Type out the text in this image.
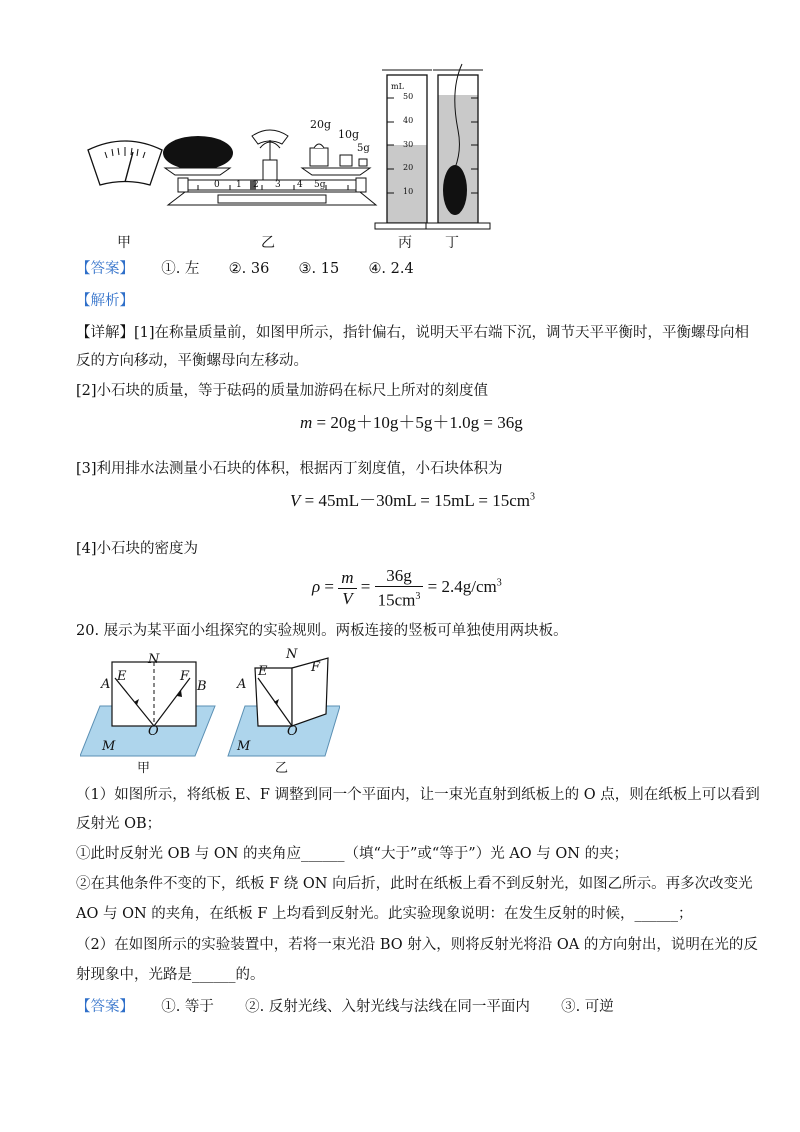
20g
10g
5g
0 1 2 3 4 5g
mL
50
40
30
20
10
甲	乙	丙 丁
【答案】 ①. 左 ②. 36 ③. 15 ④. 2.4
【解析】
【详解】[1]在称量质量前，如图甲所示，指针偏右，说明天平右端下沉，调节天平平衡时，平衡螺母向相
反的方向移动，平衡螺母向左移动。
[2]小石块的质量，等于砝码的质量加游码在标尺上所对的刻度值
m = 20g＋10g＋5g＋1.0g = 36g
[3]利用排水法测量小石块的体积，根据丙丁刻度值，小石块体积为
$V = 45mL-30mL = 15mL = 15cm^3$
[4]小石块的密度为
$\rho = \frac{m}{V} = \frac{36g}{15cm^3} = 2.4g/cm^3$
20. 展示为某平面小组探究的实验规则。两板连接的竖板可单独使用两块板。
N
A
E	F
B
O
M
N
A
E	F
O
M
甲	乙
（1）如图所示，将纸板 E、F 调整到同一个平面内，让一束光直射到纸板上的 O 点，则在纸板上可以看到
反射光 OB；
①此时反射光 OB 与 ON 的夹角应______（填“大于”或“等于”）光 AO 与 ON 的夹；
②在其他条件不变的下，纸板 F 绕 ON 向后折，此时在纸板上看不到反射光，如图乙所示。再多次改变光
AO 与 ON 的夹角，在纸板 F 上均看到反射光。此实验现象说明：在发生反射的时候，______；
（2）在如图所示的实验装置中，若将一束光沿 BO 射入，则将反射光将沿 OA 的方向射出，说明在光的反
射现象中，光路是______的。
【答案】 ①. 等于 ②. 反射光线、入射光线与法线在同一平面内 ③. 可逆
